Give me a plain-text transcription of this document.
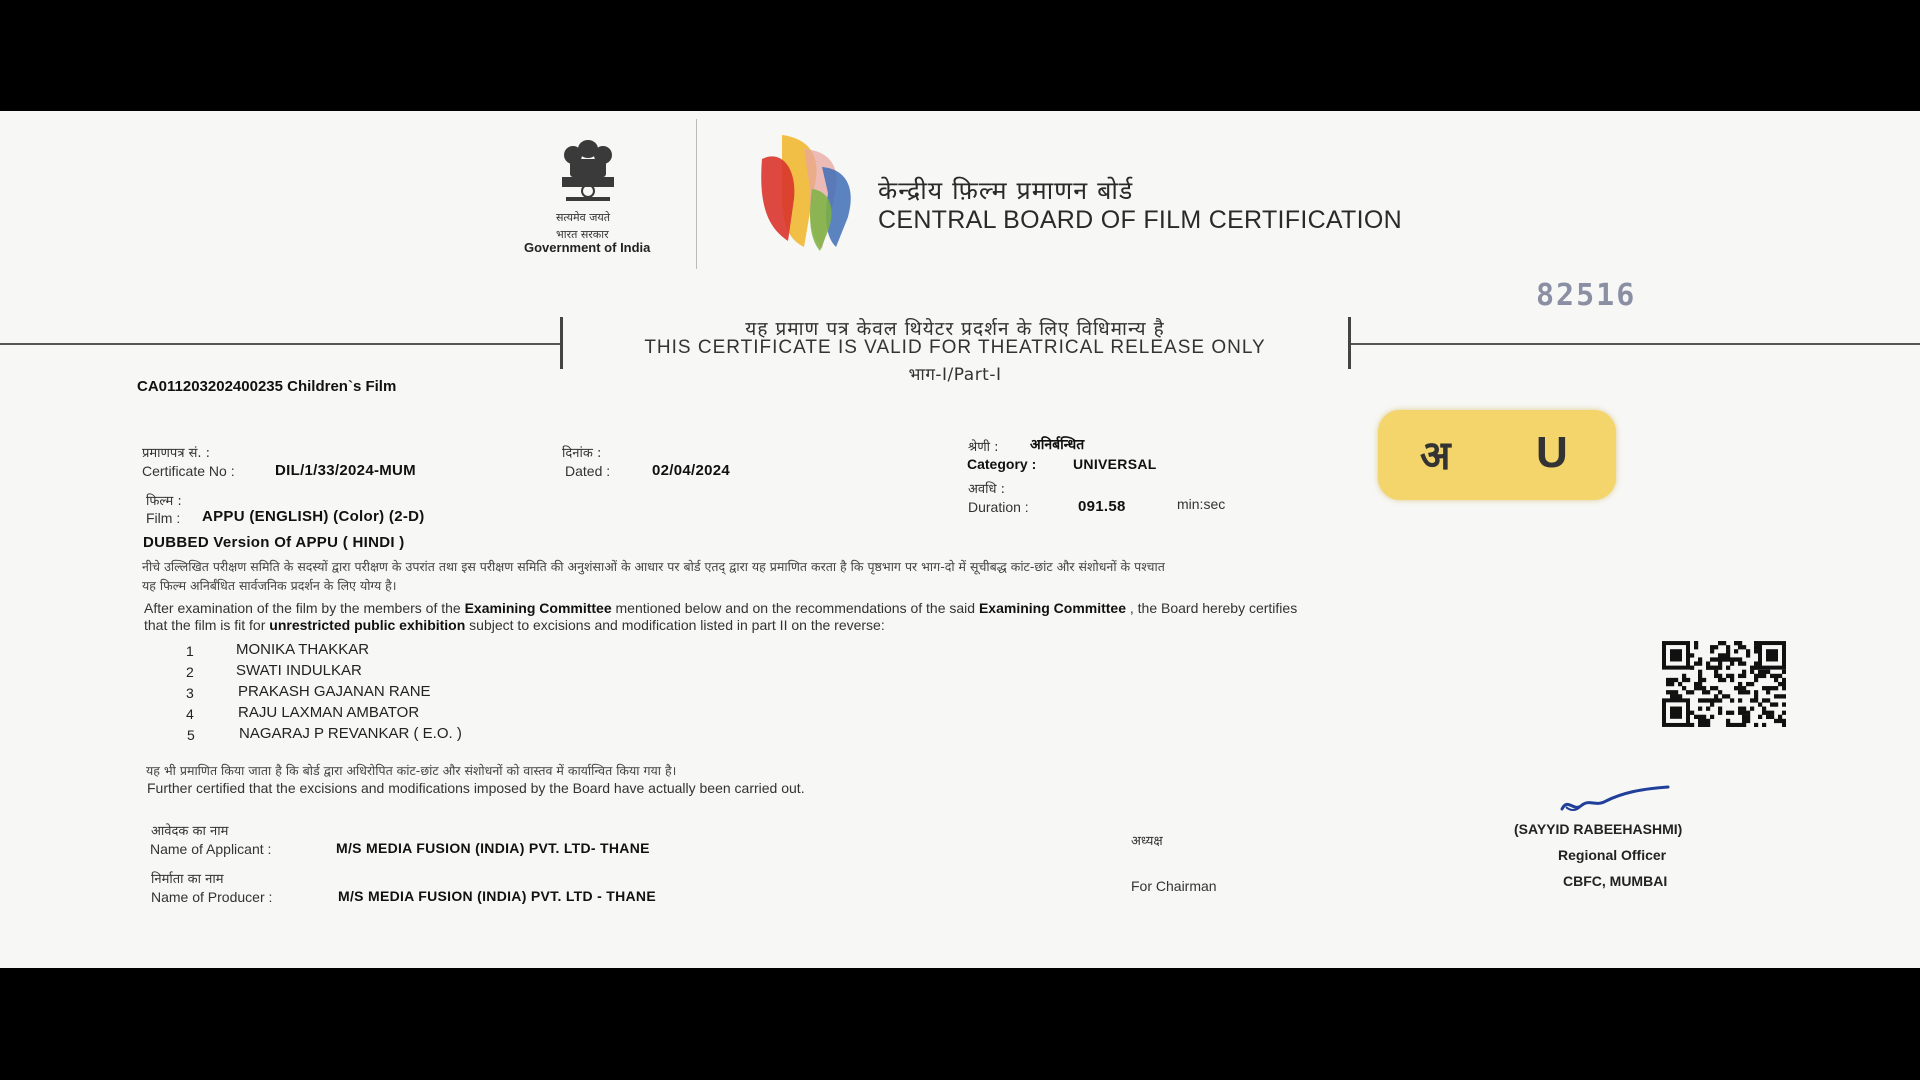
सत्यमेव जयते
भारत सरकार
Government of India
केन्द्रीय फ़िल्म प्रमाणन बोर्ड
CENTRAL BOARD OF FILM CERTIFICATION
82516
यह प्रमाण पत्र केवल थियेटर प्रदर्शन के लिए विधिमान्य है
THIS CERTIFICATE IS VALID FOR THEATRICAL RELEASE ONLY
भाग-I/Part-I
CA011203202400235 Children`s Film
प्रमाणपत्र सं. :
Certificate No :	DIL/1/33/2024-MUM
दिनांक :
Dated :	02/04/2024
श्रेणी : अनिर्बन्धित
Category :	UNIVERSAL
अवधि :
Duration :	091.58	min:sec
अ U
फिल्म :
Film : APPU (ENGLISH) (Color) (2-D)
DUBBED Version Of APPU ( HINDI )
नीचे उल्लिखित परीक्षण समिति के सदस्यों द्वारा परीक्षण के उपरांत तथा इस परीक्षण समिति की अनुशंसाओं के आधार पर बोर्ड एतद् द्वारा यह प्रमाणित करता है कि पृष्ठभाग पर भाग-दो में सूचीबद्ध कांट-छांट और संशोधनों के पश्चात
यह फिल्म अनिर्बंधित सार्वजनिक प्रदर्शन के लिए योग्य है।
After examination of the film by the members of the Examining Committee mentioned below and on the recommendations of the said Examining Committee , the Board hereby certifies
that the film is fit for unrestricted public exhibition subject to excisions and modification listed in part II on the reverse:
1	MONIKA THAKKAR
2	SWATI INDULKAR
3	PRAKASH GAJANAN RANE
4	RAJU LAXMAN AMBATOR
5	NAGARAJ P REVANKAR ( E.O. )
यह भी प्रमाणित किया जाता है कि बोर्ड द्वारा अधिरोपित कांट-छांट और संशोधनों को वास्तव में कार्यान्वित किया गया है।
Further certified that the excisions and modifications imposed by the Board have actually been carried out.
आवेदक का नाम
Name of Applicant :	M/S MEDIA FUSION (INDIA) PVT. LTD- THANE
निर्माता का नाम
Name of Producer :	M/S MEDIA FUSION (INDIA) PVT. LTD - THANE
अध्यक्ष
For Chairman
(SAYYID RABEEHASHMI)
Regional Officer
CBFC, MUMBAI
